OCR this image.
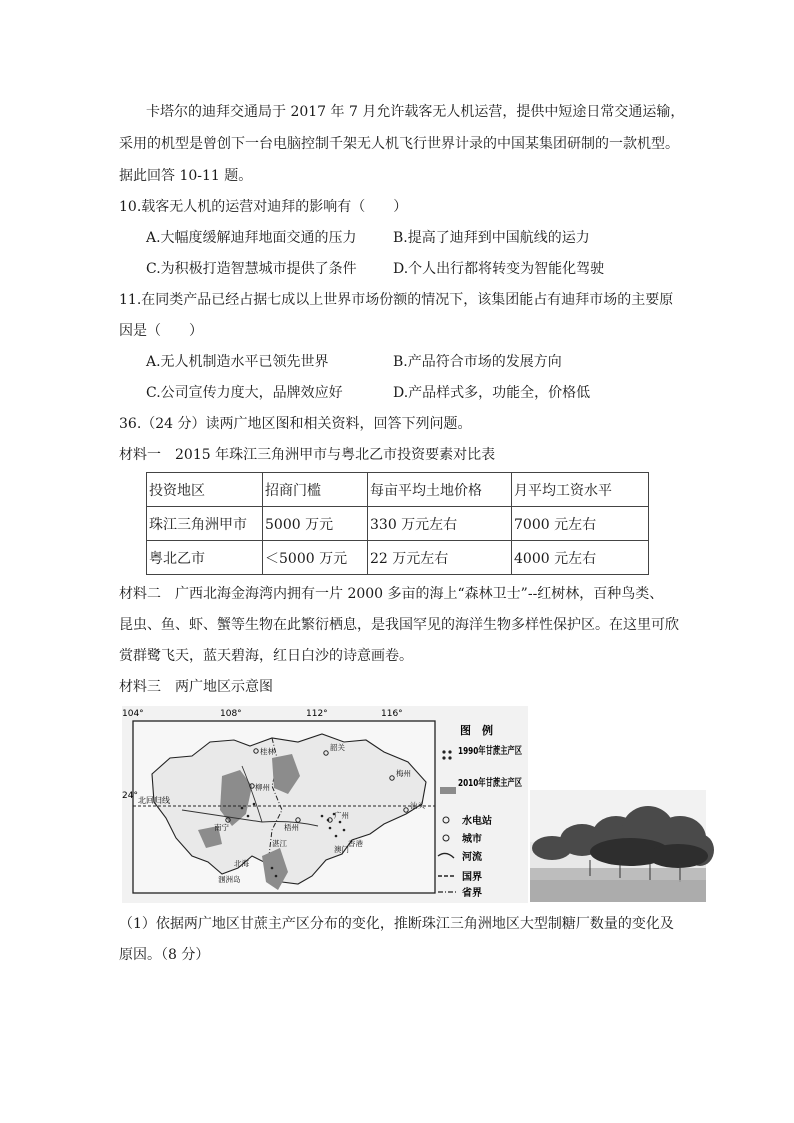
卡塔尔的迪拜交通局于 2017 年 7 月允许载客无人机运营，提供中短途日常交通运输，
采用的机型是曾创下一台电脑控制千架无人机飞行世界计录的中国某集团研制的一款机型。
据此回答 10-11 题。
10.载客无人机的运营对迪拜的影响有（　　）
A.大幅度缓解迪拜地面交通的压力	B.提高了迪拜到中国航线的运力
C.为积极打造智慧城市提供了条件	D.个人出行都将转变为智能化驾驶
11.在同类产品已经占据七成以上世界市场份额的情况下，该集团能占有迪拜市场的主要原
因是（　　）
A.无人机制造水平已领先世界	B.产品符合市场的发展方向
C.公司宣传力度大，品牌效应好	D.产品样式多，功能全，价格低
36.（24 分）读两广地区图和相关资料，回答下列问题。
材料一　2015 年珠江三角洲甲市与粤北乙市投资要素对比表
投资地区	招商门槛	每亩平均土地价格	月平均工资水平
珠江三角洲甲市	5000 万元	330 万元左右	7000 元左右
粤北乙市	＜5000 万元	22 万元左右	4000 元左右
材料二　广西北海金海湾内拥有一片 2000 多亩的海上“森林卫士”--红树林，百种鸟类、
昆虫、鱼、虾、蟹等生物在此繁衍栖息，是我国罕见的海洋生物多样性保护区。在这里可欣
赏群鹭飞天，蓝天碧海，红日白沙的诗意画卷。
材料三　两广地区示意图
104°	108°	112°	116°
24° 北回归线
桂林	韶关
梅州
柳州
梧州
南宁
广州
汕头
北海
香港
澳门
湛江
涠洲岛
图　例
1990年甘蔗主产区
2010年甘蔗主产区
水电站
城市
河流
国界
省界
（1）依据两广地区甘蔗主产区分布的变化，推断珠江三角洲地区大型制糖厂数量的变化及
原因。（8 分）
